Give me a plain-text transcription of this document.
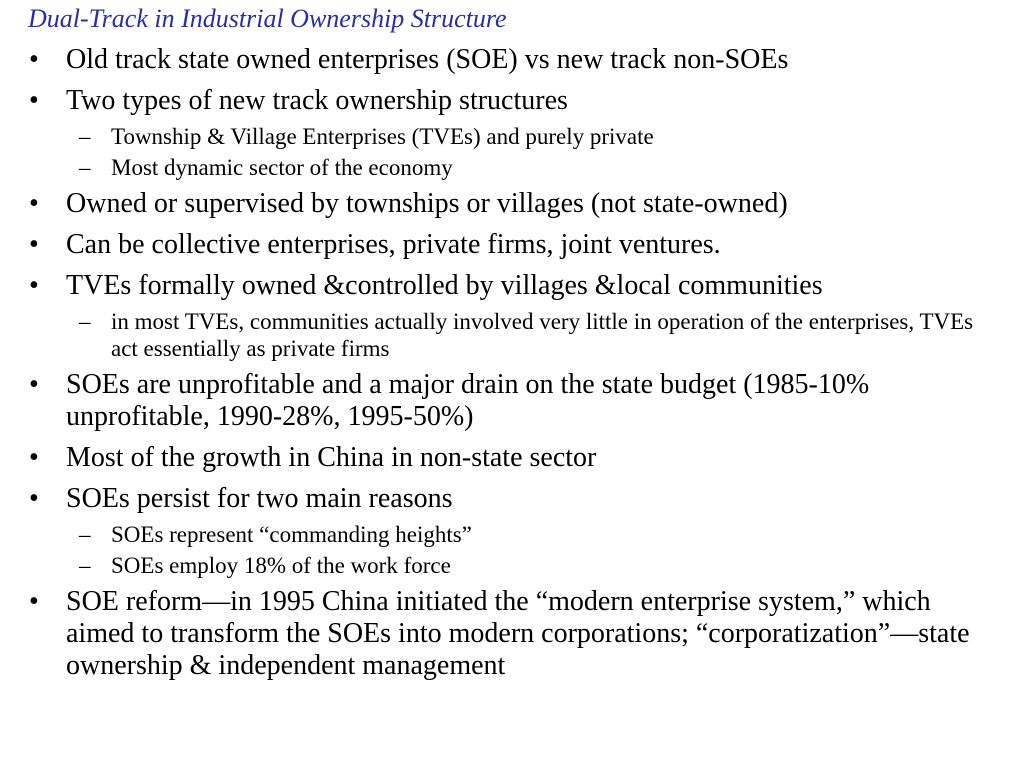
Dual-Track in Industrial Ownership Structure
• Old track state owned enterprises (SOE) vs new track non-SOEs
• Two types of new track ownership structures
– Township & Village Enterprises (TVEs) and purely private
– Most dynamic sector of the economy
• Owned or supervised by townships or villages (not state-owned)
• Can be collective enterprises, private firms, joint ventures.
• TVEs formally owned &controlled by villages &local communities
– in most TVEs, communities actually involved very little in operation of the enterprises, TVEs act essentially as private firms
• SOEs are unprofitable and a major drain on the state budget (1985-10% unprofitable, 1990-28%, 1995-50%)
• Most of the growth in China in non-state sector
• SOEs persist for two main reasons
– SOEs represent “commanding heights”
– SOEs employ 18% of the work force
• SOE reform—in 1995 China initiated the “modern enterprise system,” which aimed to transform the SOEs into modern corporations; “corporatization”—state ownership & independent management
